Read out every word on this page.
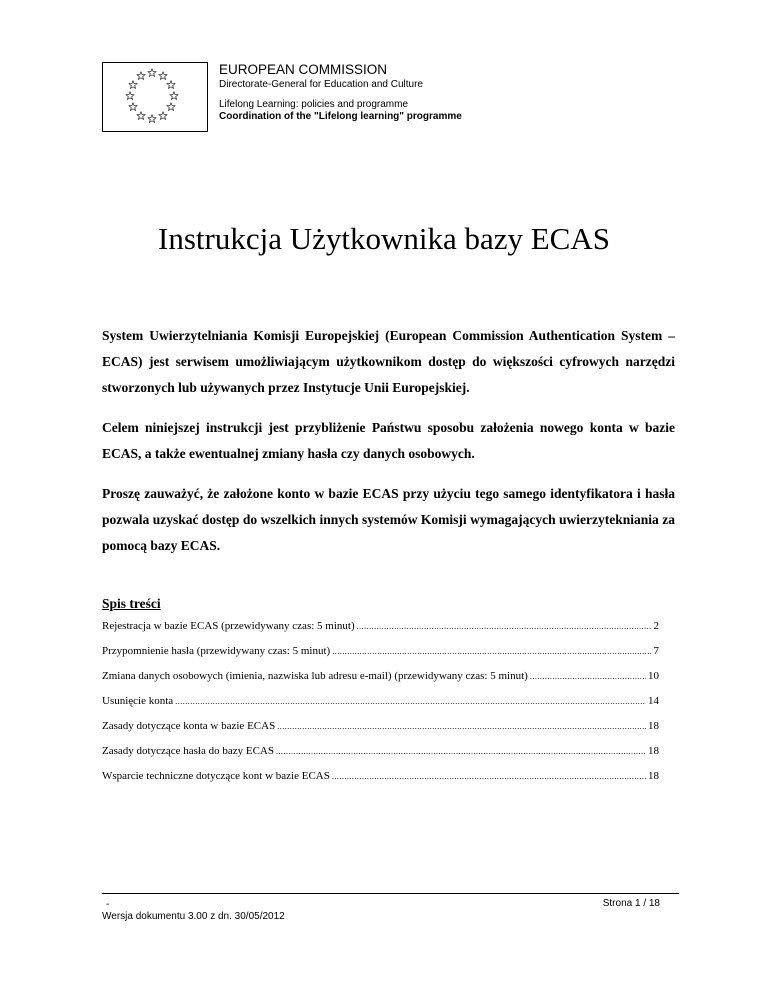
EUROPEAN COMMISSION
Directorate-General for Education and Culture
Lifelong Learning: policies and programme
Coordination of the "Lifelong learning" programme
Instrukcja Użytkownika bazy ECAS

System Uwierzytelniania Komisji Europejskiej (European Commission Authentication System – ECAS) jest serwisem umożliwiającym użytkownikom dostęp do większości cyfrowych narzędzi stworzonych lub używanych przez Instytucje Unii Europejskiej.

Celem niniejszej instrukcji jest przybliżenie Państwu sposobu założenia nowego konta w bazie ECAS, a także ewentualnej zmiany hasła czy danych osobowych.

Proszę zauważyć, że założone konto w bazie ECAS przy użyciu tego samego identyfikatora i hasła pozwala uzyskać dostęp do wszelkich innych systemów Komisji wymagających uwierzytekniania za pomocą bazy ECAS.

Spis treści
Rejestracja w bazie ECAS (przewidywany czas: 5 minut) .....	2
Przypomnienie hasła (przewidywany czas: 5 minut) .....	7
Zmiana danych osobowych (imienia, nazwiska lub adresu e-mail) (przewidywany czas: 5 minut) .....	10
Usunięcie konta .....	14
Zasady dotyczące konta w bazie ECAS .....	18
Zasady dotyczące hasła do bazy ECAS .....	18
Wsparcie techniczne dotyczące kont w bazie ECAS .....	18
-
Wersja dokumentu 3.00 z dn. 30/05/2012
Strona 1 / 18
